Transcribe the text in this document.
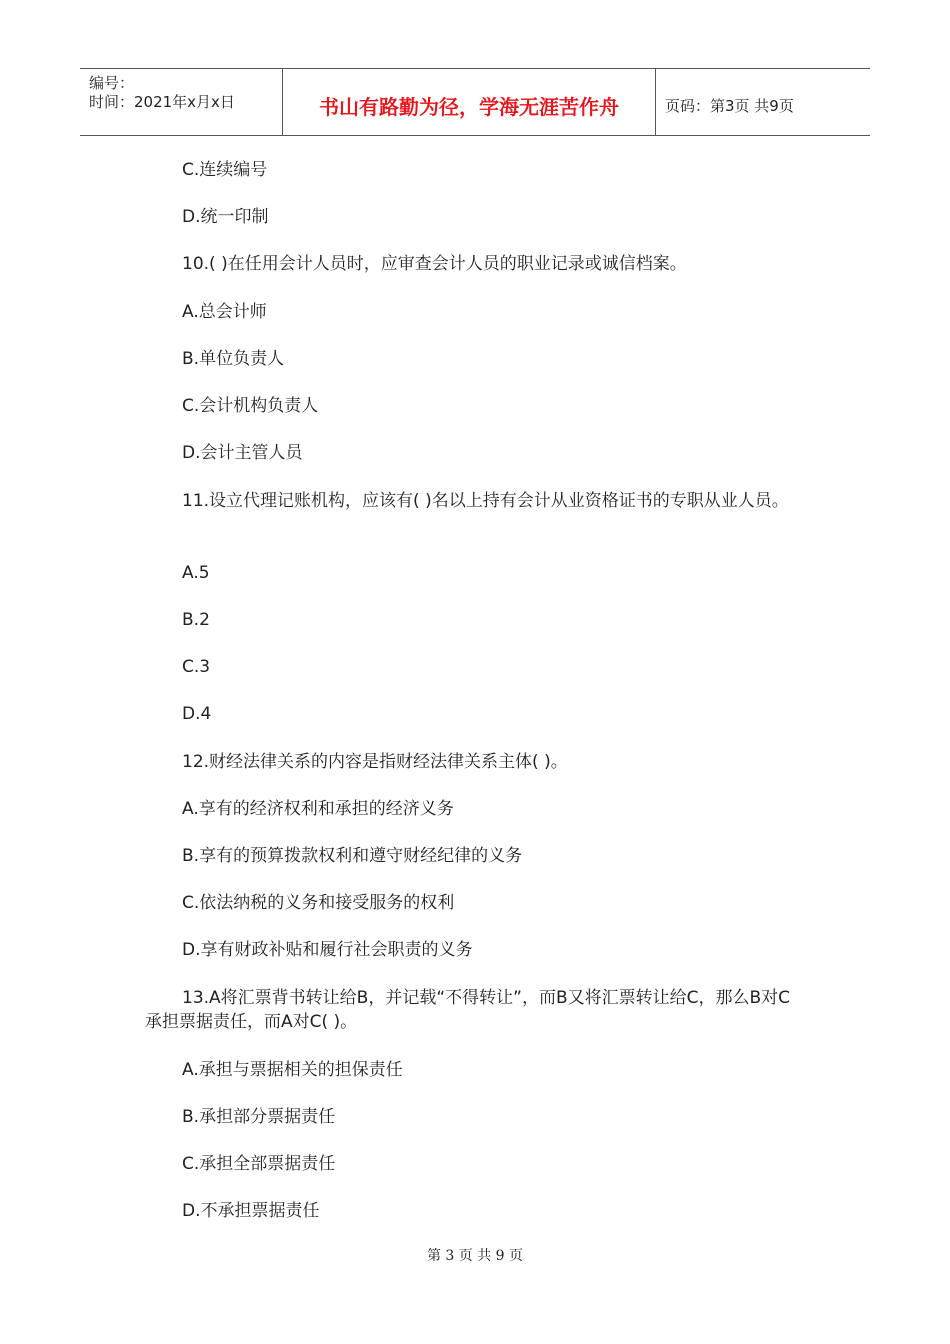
编号：
时间：2021年x月x日	书山有路勤为径，学海无涯苦作舟	页码：第3页 共9页
C.连续编号
D.统一印制
10.( )在任用会计人员时，应审查会计人员的职业记录或诚信档案。
A.总会计师
B.单位负责人
C.会计机构负责人
D.会计主管人员
11.设立代理记账机构，应该有( )名以上持有会计从业资格证书的专职从业人员。
A.5
B.2
C.3
D.4
12.财经法律关系的内容是指财经法律关系主体( )。
A.享有的经济权利和承担的经济义务
B.享有的预算拨款权利和遵守财经纪律的义务
C.依法纳税的义务和接受服务的权利
D.享有财政补贴和履行社会职责的义务
13.A将汇票背书转让给B，并记载“不得转让”，而B又将汇票转让给C，那么B对C承担票据责任，而A对C( )。
A.承担与票据相关的担保责任
B.承担部分票据责任
C.承担全部票据责任
D.不承担票据责任
第 3 页 共 9 页
